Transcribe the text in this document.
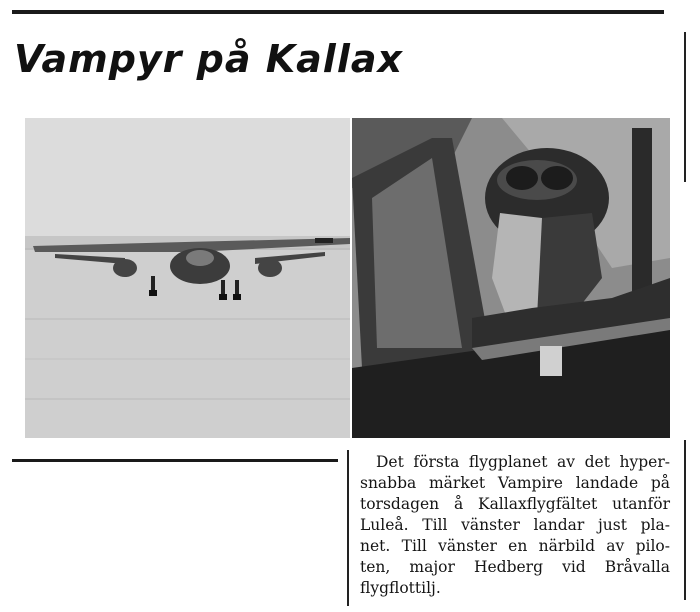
Vampyr på Kallax
Det första flygplanet av det hyper-
snabba märket Vampire landade på
torsdagen å Kallaxflygfältet utanför
Luleå. Till vänster landar just pla-
net. Till vänster en närbild av pilo-
ten, major Hedberg vid Bråvalla
flygflottilj.
